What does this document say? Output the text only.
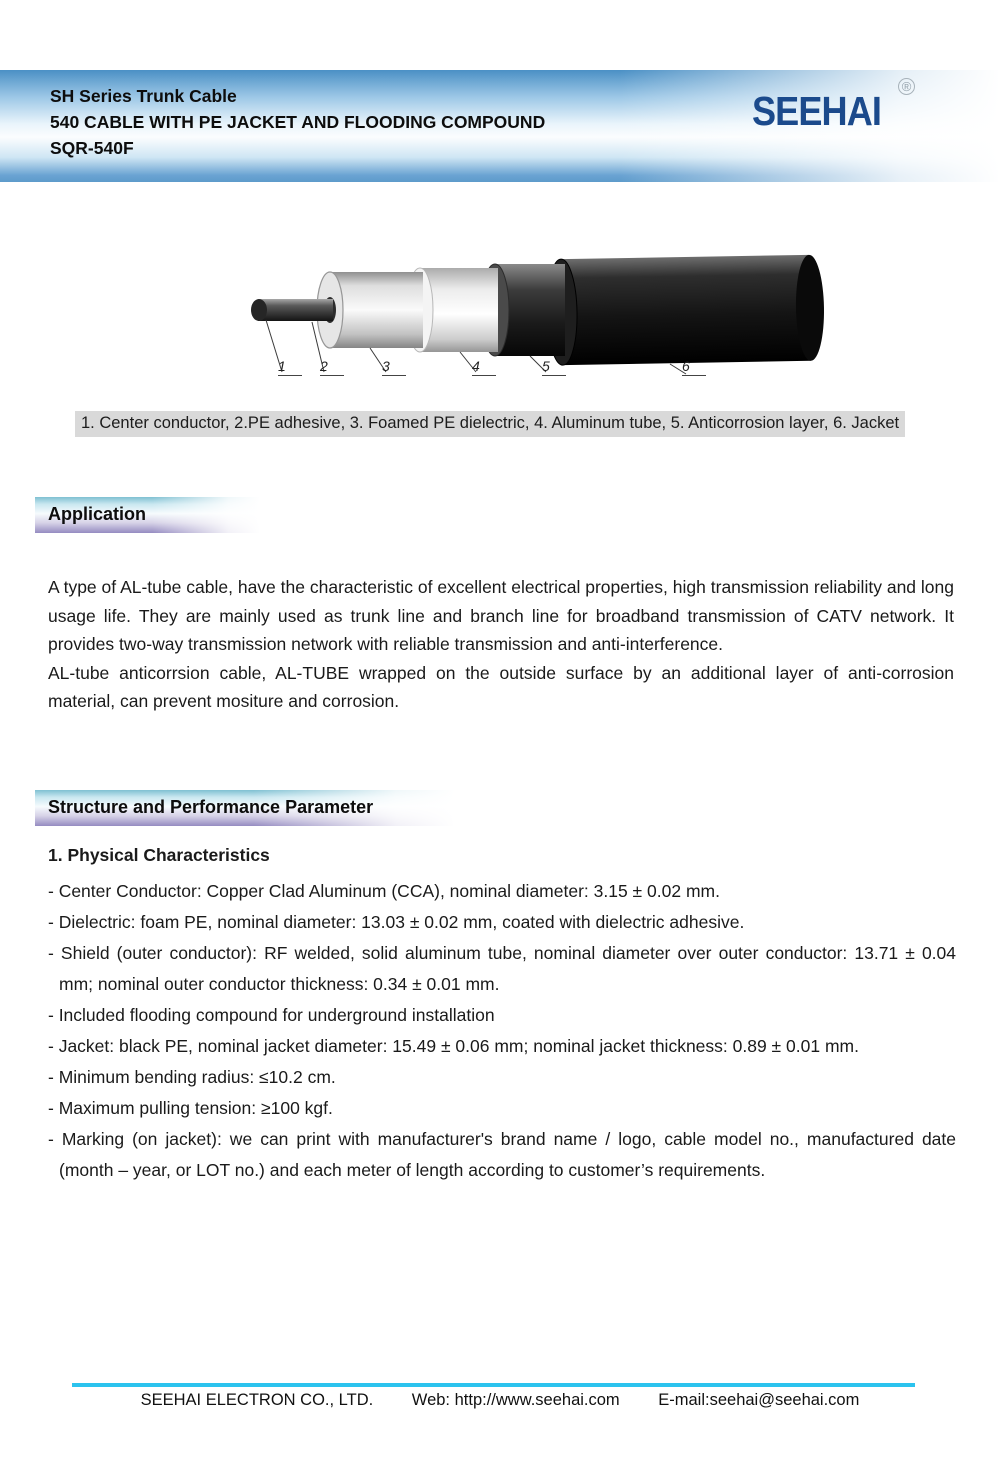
SH Series Trunk Cable
540 CABLE WITH PE JACKET AND FLOODING COMPOUND
SQR-540F
SEEHAI
®
1	2	3	4	5	6
1. Center conductor, 2.PE adhesive, 3. Foamed PE dielectric, 4. Aluminum tube, 5. Anticorrosion layer, 6. Jacket
Application

A type of AL-tube cable, have the characteristic of excellent electrical properties, high transmission reliability and long usage life. They are mainly used as trunk line and branch line for broadband transmission of CATV network. It provides two-way transmission network with reliable transmission and anti-interference.

AL-tube anticorrsion cable, AL-TUBE wrapped on the outside surface by an additional layer of anti-corrosion material, can prevent mositure and corrosion.

Structure and Performance Parameter
1. Physical Characteristics
- Center Conductor: Copper Clad Aluminum (CCA), nominal diameter: 3.15 ± 0.02 mm.
- Dielectric: foam PE, nominal diameter: 13.03 ± 0.02 mm, coated with dielectric adhesive.
- Shield (outer conductor): RF welded, solid aluminum tube, nominal diameter over outer conductor: 13.71 ± 0.04 mm; nominal outer conductor thickness: 0.34 ± 0.01 mm.
- Included flooding compound for underground installation
- Jacket: black PE, nominal jacket diameter: 15.49 ± 0.06 mm; nominal jacket thickness: 0.89 ± 0.01 mm.
- Minimum bending radius: ≤10.2 cm.
- Maximum pulling tension: ≥100 kgf.
- Marking (on jacket): we can print with manufacturer's brand name / logo, cable model no., manufactured date (month – year, or LOT no.) and each meter of length according to customer’s requirements.
SEEHAI ELECTRON CO., LTD. Web: http://www.seehai.com E-mail:seehai@seehai.com
